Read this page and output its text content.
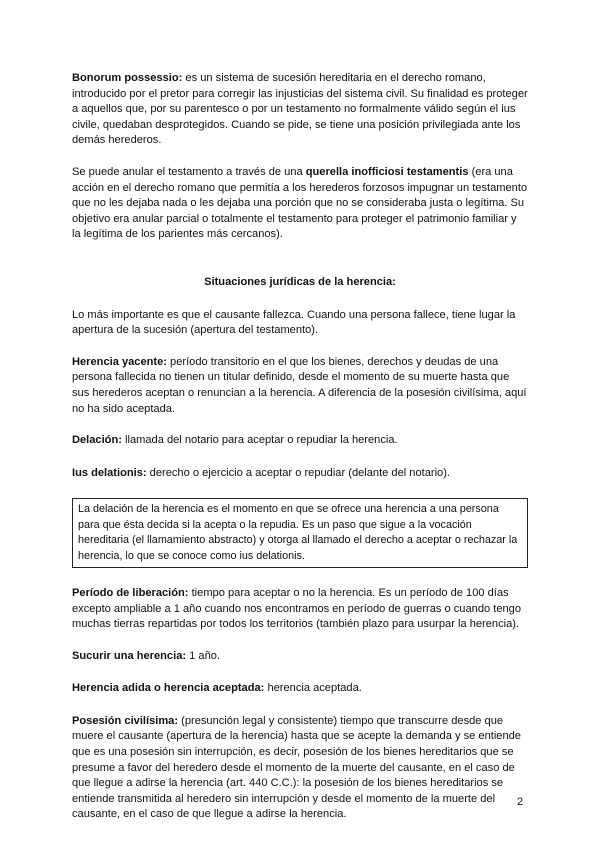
Bonorum possessio: es un sistema de sucesión hereditaria en el derecho romano, introducido por el pretor para corregir las injusticias del sistema civil. Su finalidad es proteger a aquellos que, por su parentesco o por un testamento no formalmente válido según el ius civile, quedaban desprotegidos. Cuando se pide, se tiene una posición privilegiada ante los demás herederos.

Se puede anular el testamento a través de una querella inofficiosi testamentis (era una acción en el derecho romano que permitía a los herederos forzosos impugnar un testamento que no les dejaba nada o les dejaba una porción que no se consideraba justa o legítima. Su objetivo era anular parcial o totalmente el testamento para proteger el patrimonio familiar y la legítima de los parientes más cercanos).

Situaciones jurídicas de la herencia:

Lo más importante es que el causante fallezca. Cuando una persona fallece, tiene lugar la apertura de la sucesión (apertura del testamento).

Herencia yacente: período transitorio en el que los bienes, derechos y deudas de una persona fallecida no tienen un titular definido, desde el momento de su muerte hasta que sus herederos aceptan o renuncian a la herencia. A diferencia de la posesión civilísima, aquí no ha sido aceptada.

Delación: llamada del notario para aceptar o repudiar la herencia.

Ius delationis: derecho o ejercicio a aceptar o repudiar (delante del notario).

La delación de la herencia es el momento en que se ofrece una herencia a una persona para que ésta decida si la acepta o la repudia. Es un paso que sigue a la vocación hereditaria (el llamamiento abstracto) y otorga al llamado el derecho a aceptar o rechazar la herencia, lo que se conoce como ius delationis.

Período de liberación: tiempo para aceptar o no la herencia. Es un período de 100 días excepto ampliable a 1 año cuando nos encontramos en período de guerras o cuando tengo muchas tierras repartidas por todos los territorios (también plazo para usurpar la herencia).

Sucurir una herencia: 1 año.

Herencia adida o herencia aceptada: herencia aceptada.

Posesión civilísima: (presunción legal y consistente) tiempo que transcurre desde que muere el causante (apertura de la herencia) hasta que se acepte la demanda y se entiende que es una posesión sin interrupción, es decir, posesión de los bienes hereditarios que se presume a favor del heredero desde el momento de la muerte del causante, en el caso de que llegue a adirse la herencia (art. 440 C.C.): la posesión de los bienes hereditarios se entiende transmitida al heredero sin interrupción y desde el momento de la muerte del causante, en el caso de que llegue a adirse la herencia.

2
